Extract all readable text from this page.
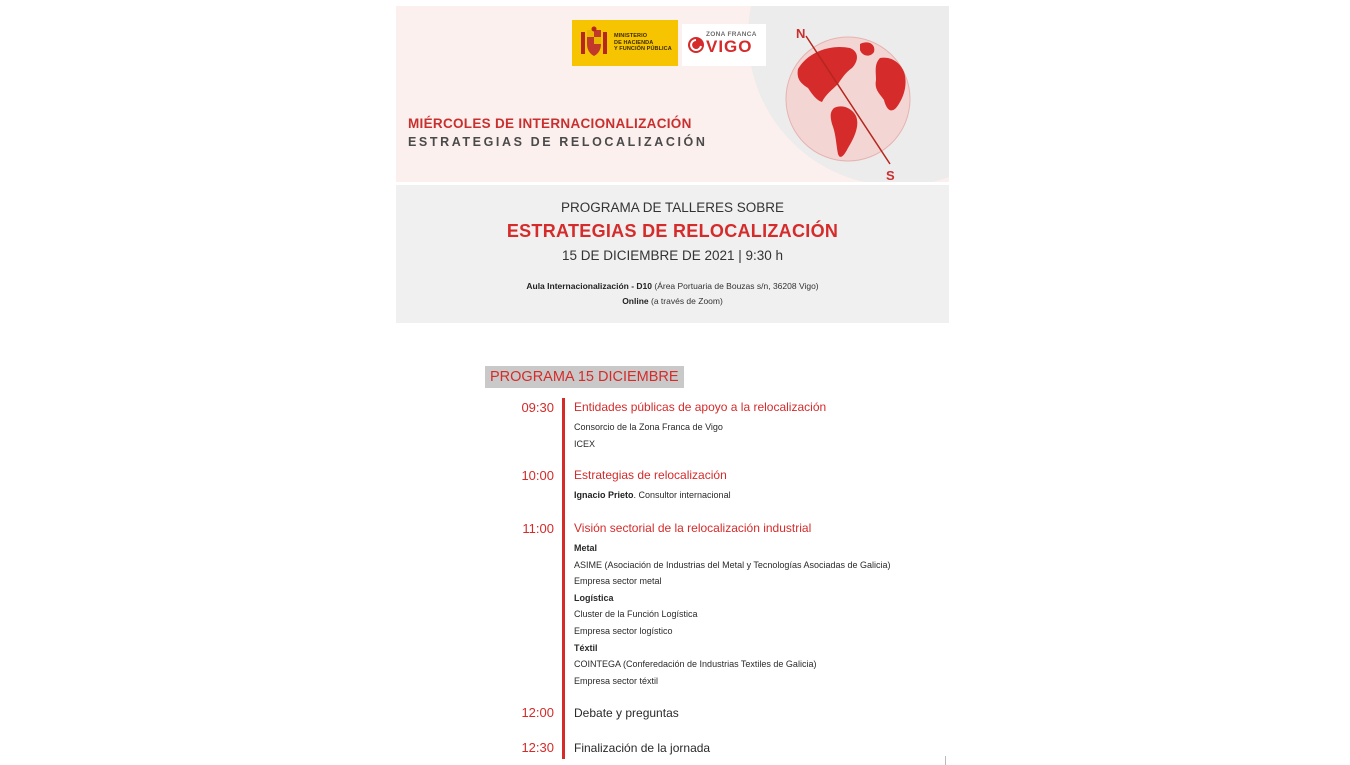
MINISTERIO
DE HACIENDA
Y FUNCIÓN PÚBLICA
ZONA FRANCA
VIGO
MIÉRCOLES DE INTERNACIONALIZACIÓN
ESTRATEGIAS DE RELOCALIZACIÓN
N
S
PROGRAMA DE TALLERES SOBRE
ESTRATEGIAS DE RELOCALIZACIÓN
15 DE DICIEMBRE DE 2021 | 9:30 h
Aula Internacionalización - D10 (Área Portuaria de Bouzas s/n, 36208 Vigo)
Online (a través de Zoom)
PROGRAMA 15 DICIEMBRE
09:30 Entidades públicas de apoyo a la relocalización
Consorcio de la Zona Franca de Vigo
ICEX
10:00 Estrategias de relocalización
Ignacio Prieto. Consultor internacional
11:00 Visión sectorial de la relocalización industrial
Metal
ASIME (Asociación de Industrias del Metal y Tecnologías Asociadas de Galicia)
Empresa sector metal
Logística
Cluster de la Función Logística
Empresa sector logístico
Téxtil
COINTEGA (Conferedación de Industrias Textiles de Galicia)
Empresa sector téxtil
12:00 Debate y preguntas
12:30 Finalización de la jornada
